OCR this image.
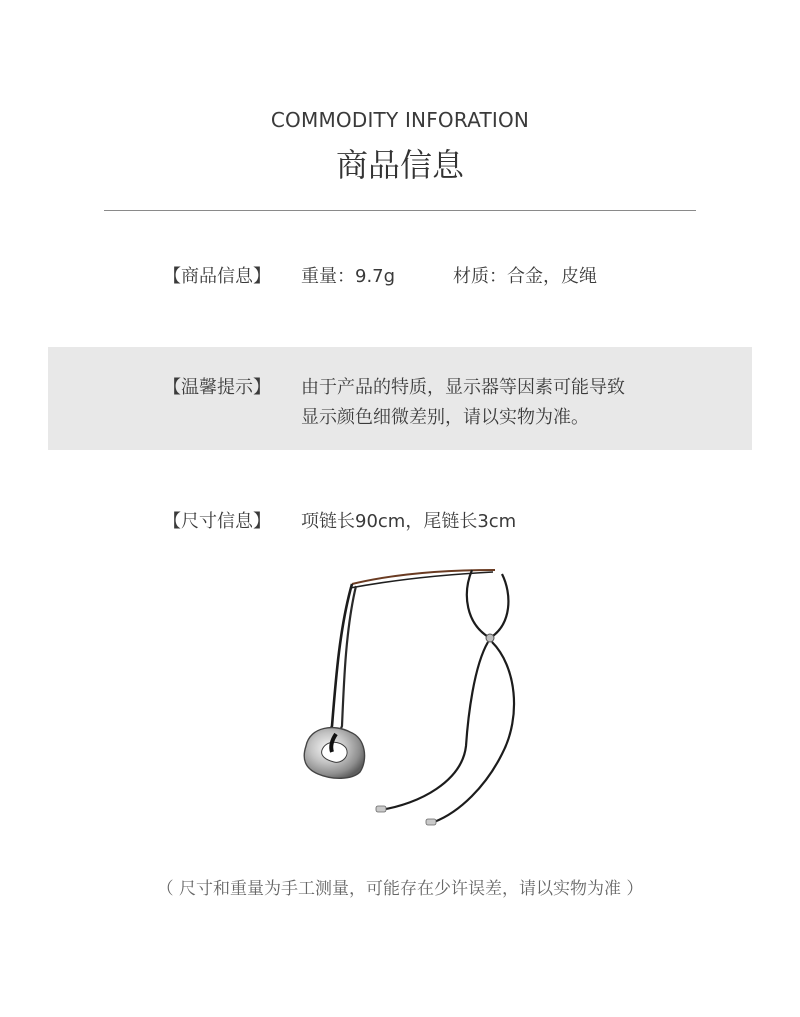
COMMODITY INFORATION
商品信息
【商品信息】 重量：9.7g	材质：合金，皮绳
【温馨提示】 由于产品的特质，显示器等因素可能导致
显示颜色细微差别，请以实物为准。
【尺寸信息】 项链长90cm，尾链长3cm
（ 尺寸和重量为手工测量，可能存在少许误差，请以实物为准 ）
